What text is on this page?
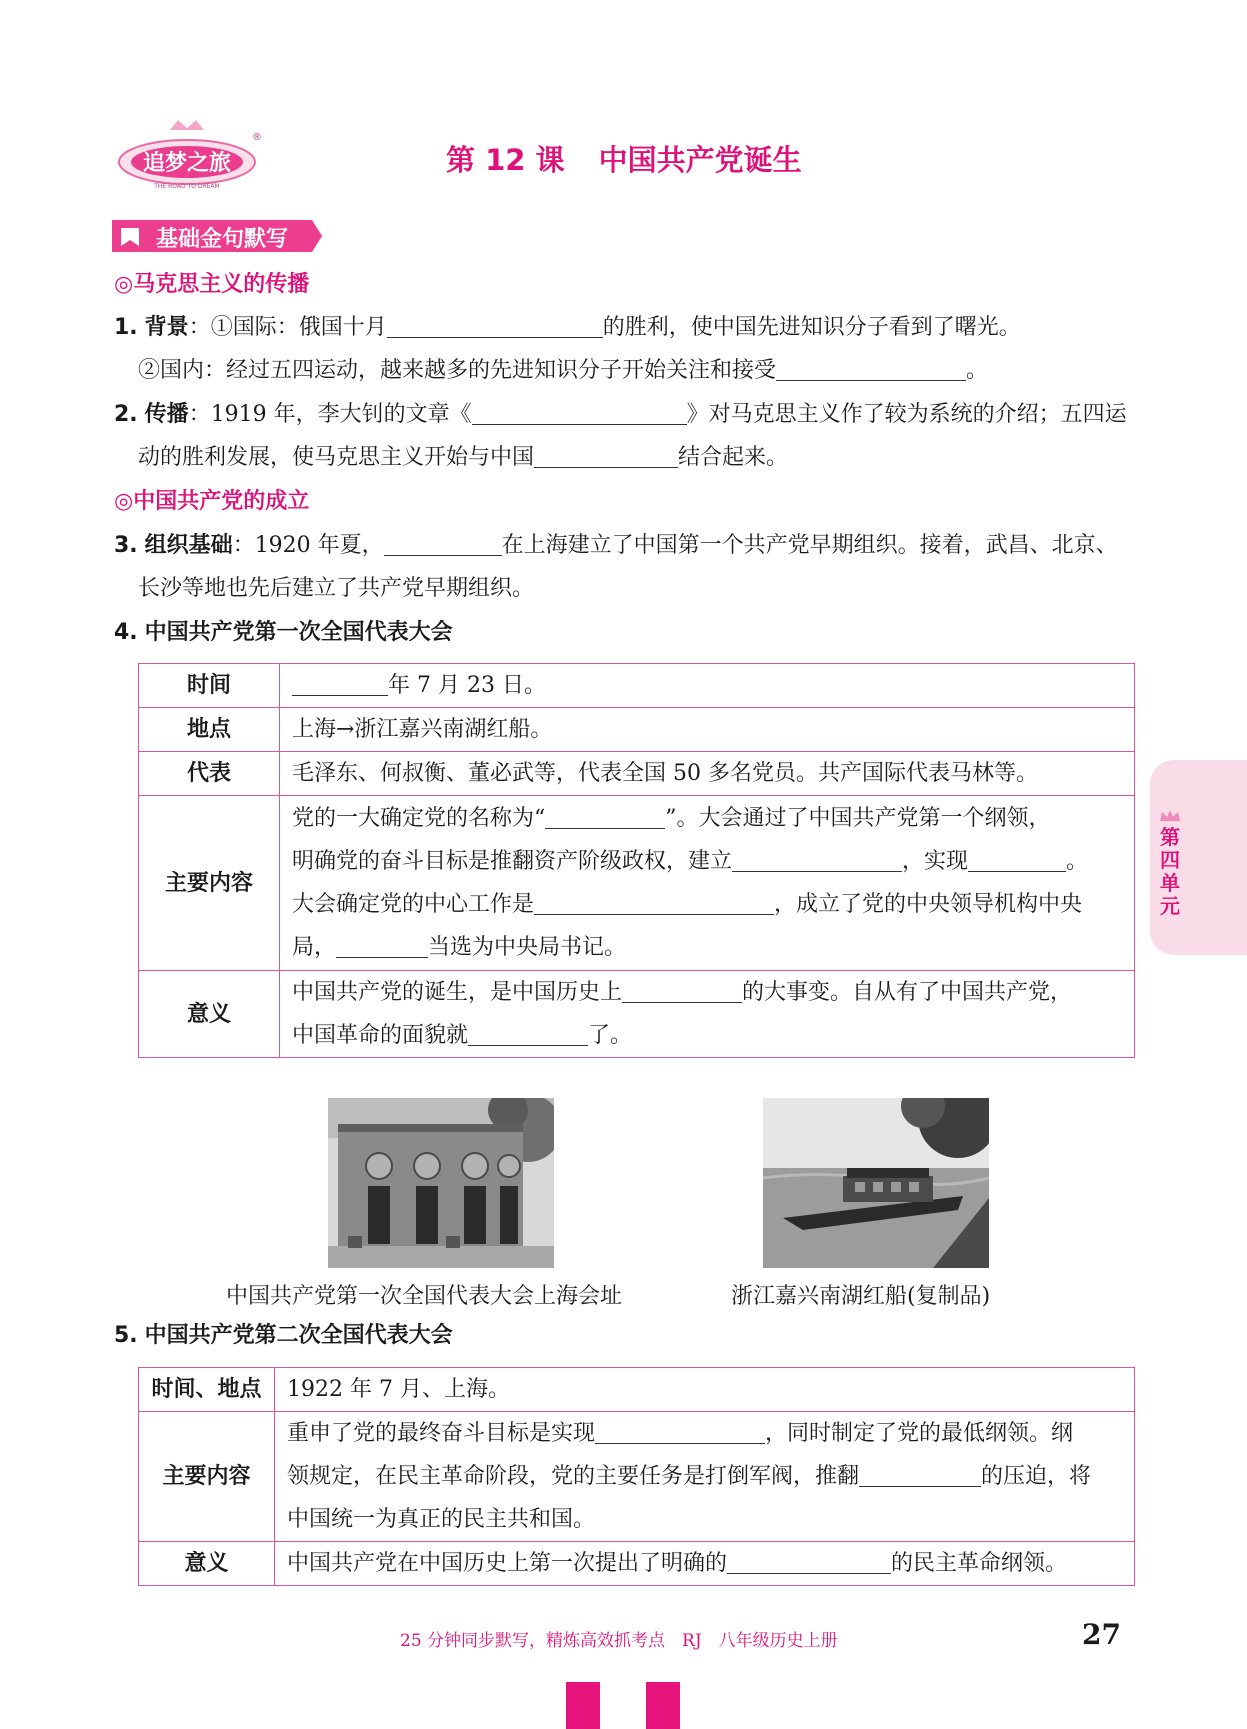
追梦之旅
THE ROAD TO DREAM
®
第 12 课 中国共产党诞生
基础金句默写
◎马克思主义的传播
1. 背景：①国际：俄国十月	的胜利，使中国先进知识分子看到了曙光。
②国内：经过五四运动，越来越多的先进知识分子开始关注和接受	。
2. 传播：1919 年，李大钊的文章《	》对马克思主义作了较为系统的介绍；五四运
动的胜利发展，使马克思主义开始与中国	结合起来。
◎中国共产党的成立
3. 组织基础：1920 年夏，	在上海建立了中国第一个共产党早期组织。接着，武昌、北京、
长沙等地也先后建立了共产党早期组织。
4. 中国共产党第一次全国代表大会
时间	年 7 月 23 日。
地点	上海→浙江嘉兴南湖红船。
代表	毛泽东、何叔衡、董必武等，代表全国 50 多名党员。共产国际代表马林等。
主要内容	党的一大确定党的名称为“ ”。大会通过了中国共产党第一个纲领，
明确党的奋斗目标是推翻资产阶级政权，建立 ，实现 。
大会确定党的中心工作是 ，成立了党的中央领导机构中央
局， 当选为中央局书记。

意义	中国共产党的诞生，是中国历史上 的大事变。自从有了中国共产党，
中国革命的面貌就 了。
中国共产党第一次全国代表大会上海会址	浙江嘉兴南湖红船(复制品)
5. 中国共产党第二次全国代表大会
时间、地点	1922 年 7 月、上海。
主要内容	重申了党的最终奋斗目标是实现 ，同时制定了党的最低纲领。纲
领规定，在民主革命阶段，党的主要任务是打倒军阀，推翻 的压迫，将
中国统一为真正的民主共和国。

意义	中国共产党在中国历史上第一次提出了明确的 的民主革命纲领。
第四单元
25 分钟同步默写，精炼高效抓考点　RJ　八年级历史上册	27
